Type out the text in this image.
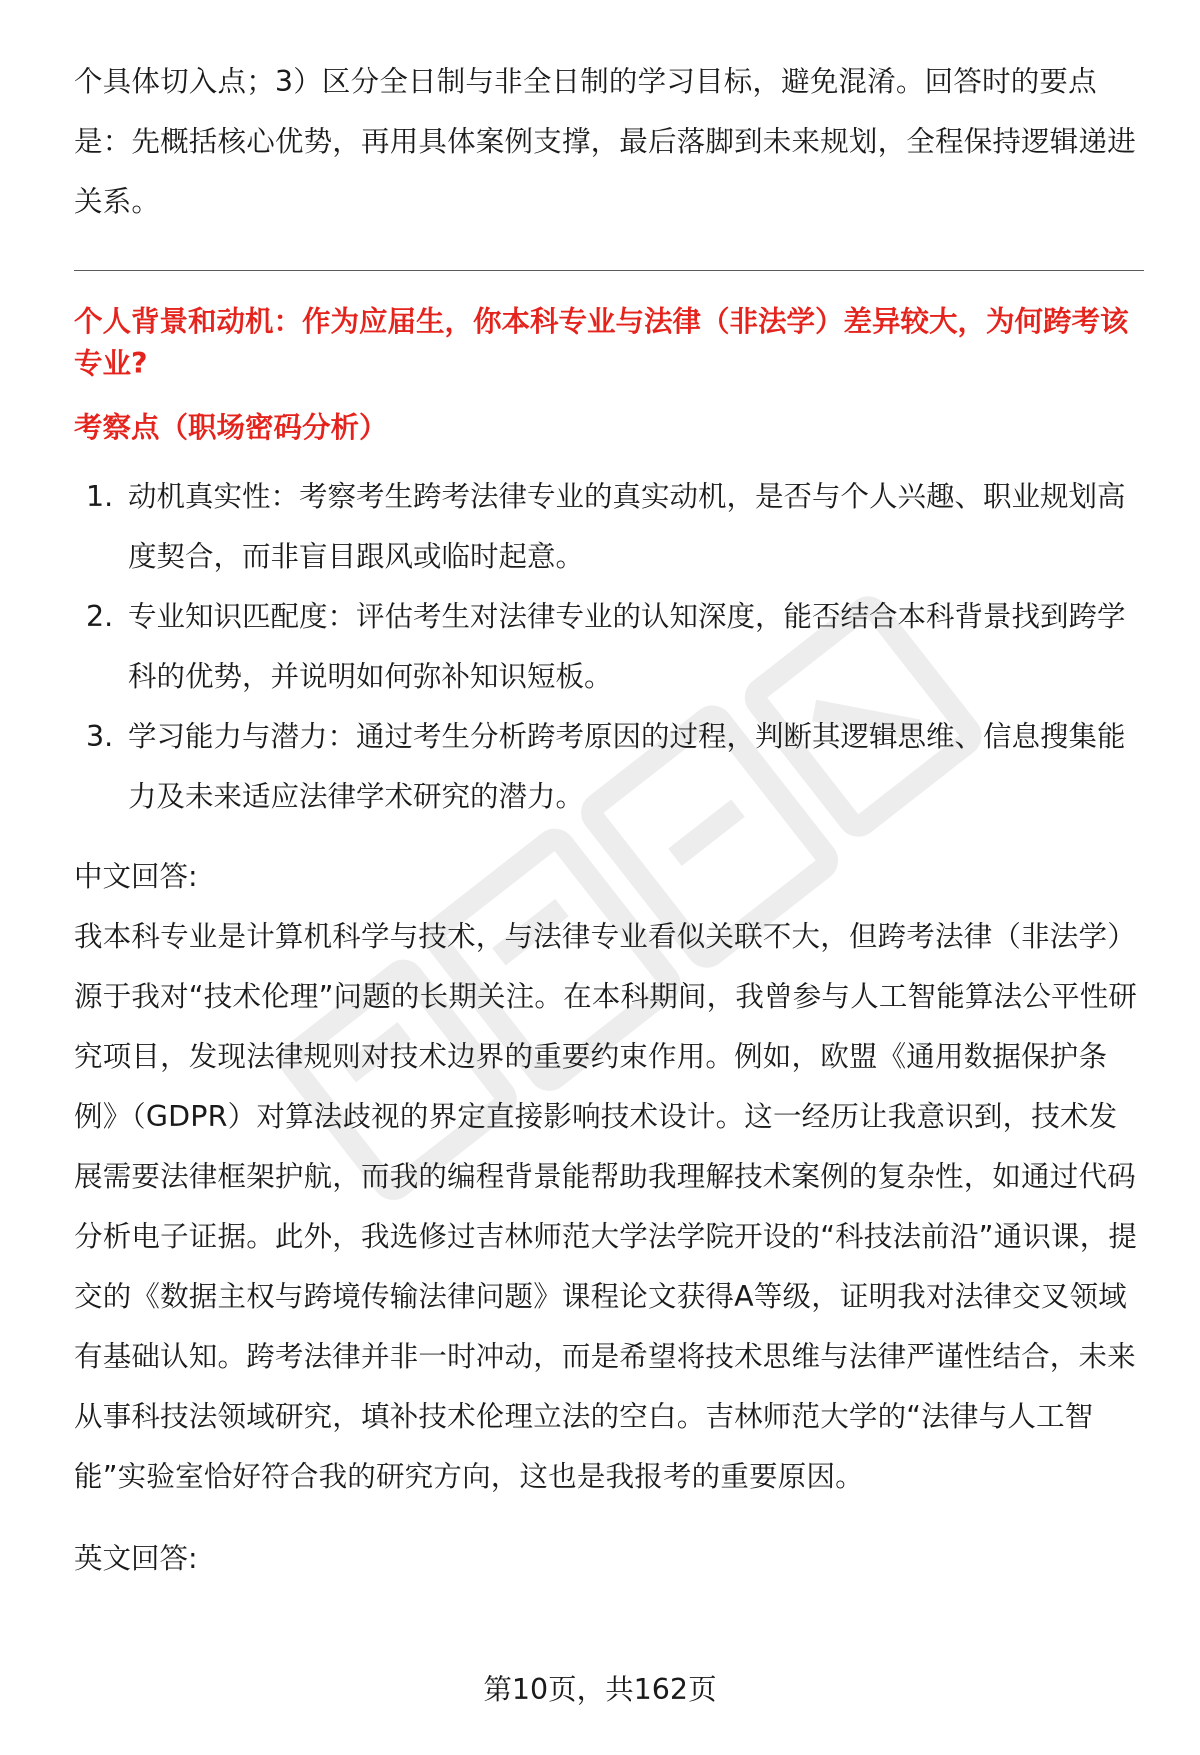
个具体切入点；3）区分全日制与非全日制的学习目标，避免混淆。回答时的要点是：先概括核心优势，再用具体案例支撑，最后落脚到未来规划，全程保持逻辑递进关系。

个人背景和动机：作为应届生，你本科专业与法律（非法学）差异较大，为何跨考该专业?

考察点（职场密码分析）

1. 动机真实性：考察考生跨考法律专业的真实动机，是否与个人兴趣、职业规划高度契合，而非盲目跟风或临时起意。
2. 专业知识匹配度：评估考生对法律专业的认知深度，能否结合本科背景找到跨学科的优势，并说明如何弥补知识短板。
3. 学习能力与潜力：通过考生分析跨考原因的过程，判断其逻辑思维、信息搜集能力及未来适应法律学术研究的潜力。

中文回答:

我本科专业是计算机科学与技术，与法律专业看似关联不大，但跨考法律（非法学）源于我对“技术伦理”问题的长期关注。在本科期间，我曾参与人工智能算法公平性研究项目，发现法律规则对技术边界的重要约束作用。例如，欧盟《通用数据保护条例》（GDPR）对算法歧视的界定直接影响技术设计。这一经历让我意识到，技术发展需要法律框架护航，而我的编程背景能帮助我理解技术案例的复杂性，如通过代码分析电子证据。此外，我选修过吉林师范大学法学院开设的“科技法前沿”通识课，提交的《数据主权与跨境传输法律问题》课程论文获得A等级，证明我对法律交叉领域有基础认知。跨考法律并非一时冲动，而是希望将技术思维与法律严谨性结合，未来从事科技法领域研究，填补技术伦理立法的空白。吉林师范大学的“法律与人工智能”实验室恰好符合我的研究方向，这也是我报考的重要原因。

英文回答:

第10页，共162页
